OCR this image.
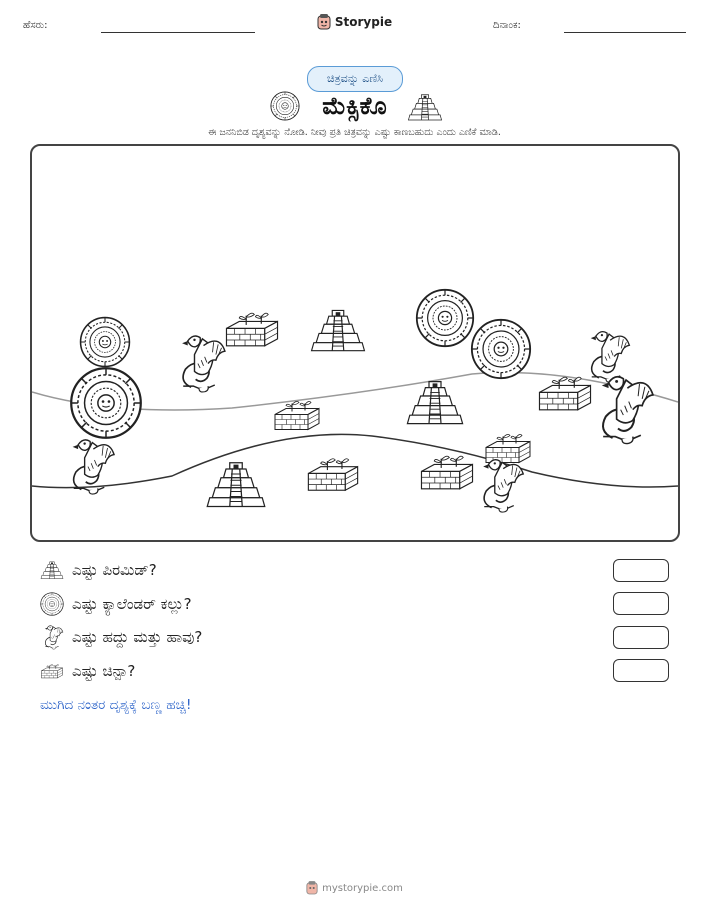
ಹೆಸರು:	Storypie	ದಿನಾಂಕ:
ಚಿತ್ರವನ್ನು ಎಣಿಸಿ
ಮೆಕ್ಸಿಕೊ
ಈ ಜನನಿಬಿಡ ದೃಶ್ಯವನ್ನು ನೋಡಿ. ನೀವು ಪ್ರತಿ ಚಿತ್ರವನ್ನು ಎಷ್ಟು ಕಾಣಬಹುದು ಎಂದು ಎಣಿಕೆ ಮಾಡಿ.
ಎಷ್ಟು ಪಿರಮಿಡ್?
ಎಷ್ಟು ಕ್ಯಾಲೆಂಡರ್ ಕಲ್ಲು?
ಎಷ್ಟು ಹದ್ದು ಮತ್ತು ಹಾವು?
ಎಷ್ಟು ಚಿನ್ಪಾ?
ಮುಗಿದ ನಂತರ ದೃಶ್ಯಕ್ಕೆ ಬಣ್ಣ ಹಚ್ಚಿ!
mystorypie.com
